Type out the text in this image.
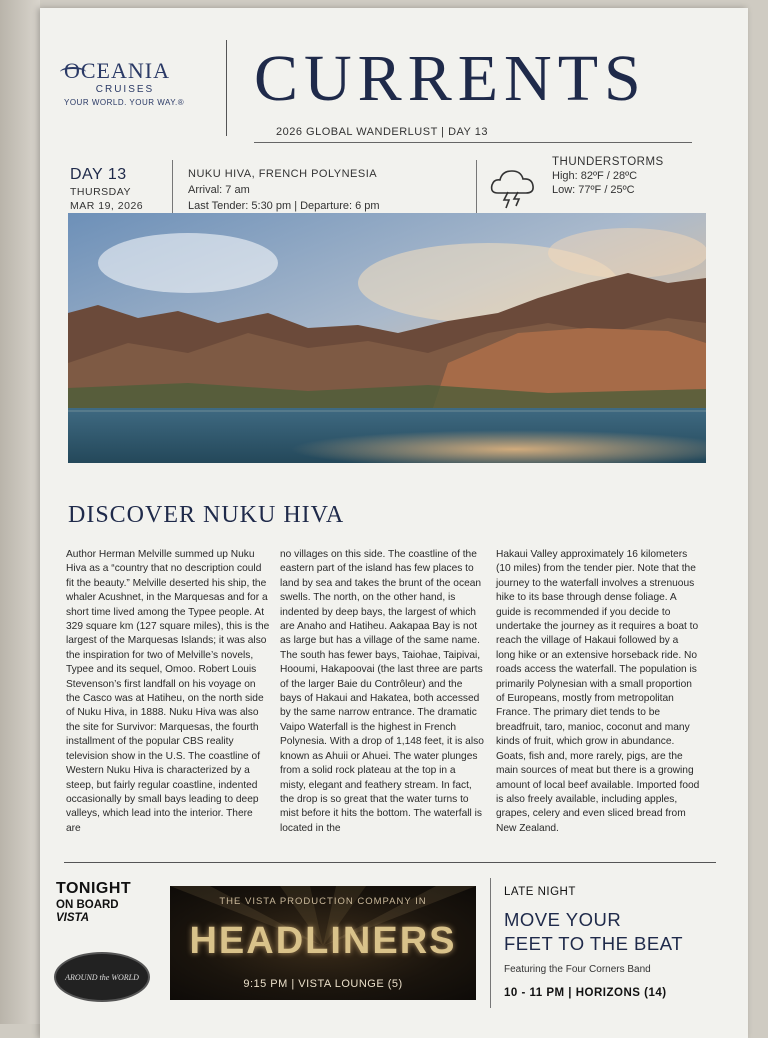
OCEANIA
CRUISES
YOUR WORLD. YOUR WAY.®	CURRENTS
2026 GLOBAL WANDERLUST | DAY 13
DAY 13
THURSDAY
MAR 19, 2026
NUKU HIVA, FRENCH POLYNESIA
Arrival: 7 am
Last Tender: 5:30 pm | Departure: 6 pm
THUNDERSTORMS
High: 82ºF / 28ºC
Low: 77ºF / 25ºC
DISCOVER NUKU HIVA
Author Herman Melville summed up Nuku Hiva as a “country that no description could fit the beauty.” Melville deserted his ship, the whaler Acushnet, in the Marquesas and for a short time lived among the Typee people. At 329 square km (127 square miles), this is the largest of the Marquesas Islands; it was also the inspiration for two of Melville’s novels, Typee and its sequel, Omoo. Robert Louis Stevenson’s first landfall on his voyage on the Casco was at Hatiheu, on the north side of Nuku Hiva, in 1888. Nuku Hiva was also the site for Survivor: Marquesas, the fourth installment of the popular CBS reality television show in the U.S. The coastline of Western Nuku Hiva is characterized by a steep, but fairly regular coastline, indented occasionally by small bays leading to deep valleys, which lead into the interior. There are
no villages on this side. The coastline of the eastern part of the island has few places to land by sea and takes the brunt of the ocean swells. The north, on the other hand, is indented by deep bays, the largest of which are Anaho and Hatiheu. Aakapaa Bay is not as large but has a village of the same name. The south has fewer bays, Taiohae, Taipivai, Hooumi, Hakapoovai (the last three are parts of the larger Baie du Contrôleur) and the bays of Hakaui and Hakatea, both accessed by the same narrow entrance. The dramatic Vaipo Waterfall is the highest in French Polynesia. With a drop of 1,148 feet, it is also known as Ahuii or Ahuei. The water plunges from a solid rock plateau at the top in a misty, elegant and feathery stream. In fact, the drop is so great that the water turns to mist before it hits the bottom. The waterfall is located in the
Hakaui Valley approximately 16 kilometers (10 miles) from the tender pier. Note that the journey to the waterfall involves a strenuous hike to its base through dense foliage. A guide is recommended if you decide to undertake the journey as it requires a boat to reach the village of Hakaui followed by a long hike or an extensive horseback ride. No roads access the waterfall. The population is primarily Polynesian with a small proportion of Europeans, mostly from metropolitan France. The primary diet tends to be breadfruit, taro, manioc, coconut and many kinds of fruit, which grow in abundance. Goats, fish and, more rarely, pigs, are the main sources of meat but there is a growing amount of local beef available. Imported food is also freely available, including apples, grapes, celery and even sliced bread from New Zealand.
TONIGHT
ON BOARD
VISTA
AROUND the WORLD
THE VISTA PRODUCTION COMPANY IN
HEADLINERS
9:15 PM | VISTA LOUNGE (5)
LATE NIGHT
MOVE YOUR
FEET TO THE BEAT
Featuring the Four Corners Band
10 - 11 PM | HORIZONS (14)
